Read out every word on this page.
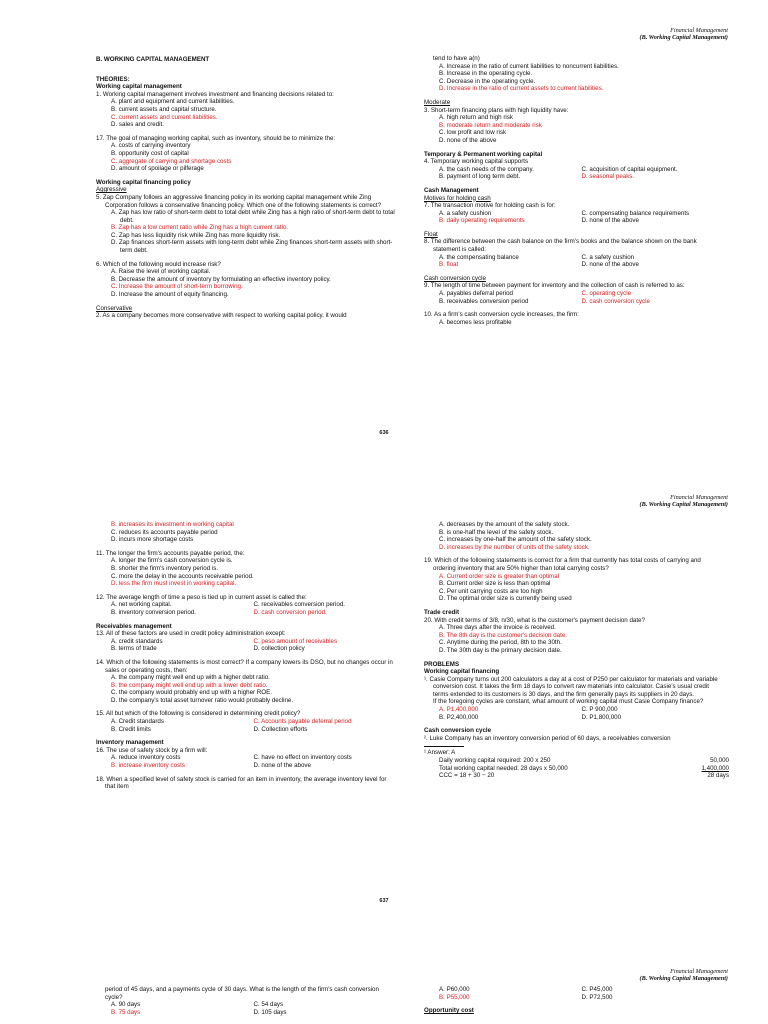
Financial Management
(B. Working Capital Management)

B. WORKING CAPITAL MANAGEMENT

THEORIES:

Working capital management

1. Working capital management involves investment and financing decisions related to:

A. plant and equipment and current liabilities.

B. current assets and capital structure.

C. current assets and current liabilities.

D. sales and credit.

17. The goal of managing working capital, such as inventory, should be to minimize the:

A. costs of carrying inventory

B. opportunity cost of capital

C. aggregate of carrying and shortage costs

D. amount of spoilage or pilferage

Working capital financing policy

Aggressive

5. Zap Company follows an aggressive financing policy in its working capital management while Zing Corporation follows a conservative financing policy. Which one of the following statements is correct?

A. Zap has low ratio of short-term debt to total debt while Zing has a high ratio of short-term debt to total debt.

B. Zap has a low current ratio while Zing has a high current ratio.

C. Zap has less liquidity risk while Zing has more liquidity risk.

D. Zap finances short-term assets with long-term debt while Zing finances short-term assets with short-term debt.

6. Which of the following would increase risk?

A. Raise the level of working capital.

B. Decrease the amount of inventory by formulating an effective inventory policy.

C. Increase the amount of short-term borrowing.

D. Increase the amount of equity financing.

Conservative

2. As a company becomes more conservative with respect to working capital policy, it would

tend to have a(n)

A. Increase in the ratio of current liabilities to noncurrent liabilities.

B. Increase in the operating cycle.

C. Decrease in the operating cycle.

D. Increase in the ratio of current assets to current liabilities.

Moderate

3. Short-term financing plans with high liquidity have:

A. high return and high risk

B. moderate return and moderate risk

C. low profit and low risk

D. none of the above

Temporary & Permanent working capital

4. Temporary working capital supports

A. the cash needs of the company.	C. acquisition of capital equipment.
B. payment of long term debt.	D. seasonal peaks.

Cash Management

Motives for holding cash

7. The transaction motive for holding cash is for:

A. a safety cushion	C. compensating balance requirements
B. daily operating requirements	D. none of the above

Float

8. The difference between the cash balance on the firm's books and the balance shown on the bank statement is called:

A. the compensating balance	C. a safety cushion
B. float	D. none of the above

Cash conversion cycle

9. The length of time between payment for inventory and the collection of cash is referred to as:

A. payables deferral period	C. operating cycle
B. receivables conversion period	D. cash conversion cycle

10. As a firm's cash conversion cycle increases, the firm:

A. becomes less profitable

636
Financial Management
(B. Working Capital Management)

B. increases its investment in working capital

C. reduces its accounts payable period

D. incurs more shortage costs

11. The longer the firm's accounts payable period, the:

A. longer the firm's cash conversion cycle is.

B. shorter the firm's inventory period is.

C. more the delay in the accounts receivable period.

D. less the firm must invest in working capital.

12. The average length of time a peso is tied up in current asset is called the:

A. net working capital.	C. receivables conversion period.
B. inventory conversion period.	D. cash conversion period.

Receivables management

13. All of these factors are used in credit policy administration except:

A. credit standards	C. peso amount of receivables
B. terms of trade	D. collection policy

14. Which of the following statements is most correct? If a company lowers its DSO, but no changes occur in sales or operating costs, then:

A. the company might well end up with a higher debt ratio.

B. the company might well end up with a lower debt ratio.

C. the company would probably end up with a higher ROE.

D. the company's total asset turnover ratio would probably decline.

15. All but which of the following is considered in determining credit policy?

A. Credit standards	C. Accounts payable deferral period
B. Credit limits	D. Collection efforts

Inventory management

16. The use of safety stock by a firm will:

A. reduce inventory costs	C. have no effect on inventory costs
B. increase inventory costs	D. none of the above

18. When a specified level of safety stock is carried for an item in inventory, the average inventory level for that item

A. decreases by the amount of the safety stock.

B. is one-half the level of the safety stock.

C. increases by one-half the amount of the safety stock.

D. increases by the number of units of the safety stock.

19. Which of the following statements is correct for a firm that currently has total costs of carrying and ordering inventory that are 50% higher than total carrying costs?

A. Current order size is greater than optimal

B. Current order size is less than optimal

C. Per unit carrying costs are too high

D. The optimal order size is currently being used

Trade credit

20. With credit terms of 3/8, n/30, what is the customer's payment decision date?

A. Three days after the invoice is received.

B. The 8th day is the customer's decision date.

C. Anytime during the period, 8th to the 30th.

D. The 30th day is the primary decision date.

PROBLEMS

Working capital financing

¹. Casie Company turns out 200 calculators a day at a cost of P250 per calculator for materials and variable conversion cost. It takes the firm 18 days to convert raw materials into calculator. Casie's usual credit terms extended to its customers is 30 days, and the firm generally pays its suppliers in 20 days.

If the foregoing cycles are constant, what amount of working capital must Casie Company finance?

A. P1,400,000	C. P 900,000
B. P2,400,000	D. P1,800,000

Cash conversion cycle

². Luke Company has an inventory conversion period of 60 days, a receivables conversion

¹ Answer: A

Daily working capital required: 200 x 250	50,000
Total working capital needed: 28 days x 50,000	1,400,000
CCC = 18 + 30 − 20	28 days
637
Financial Management
(B. Working Capital Management)

period of 45 days, and a payments cycle of 30 days. What is the length of the firm's cash conversion cycle?

A. 90 days	C. 54 days
B. 75 days	D. 105 days
A. P60,000	C. P45,000
B. P55,000	D. P72,500

Opportunity cost
